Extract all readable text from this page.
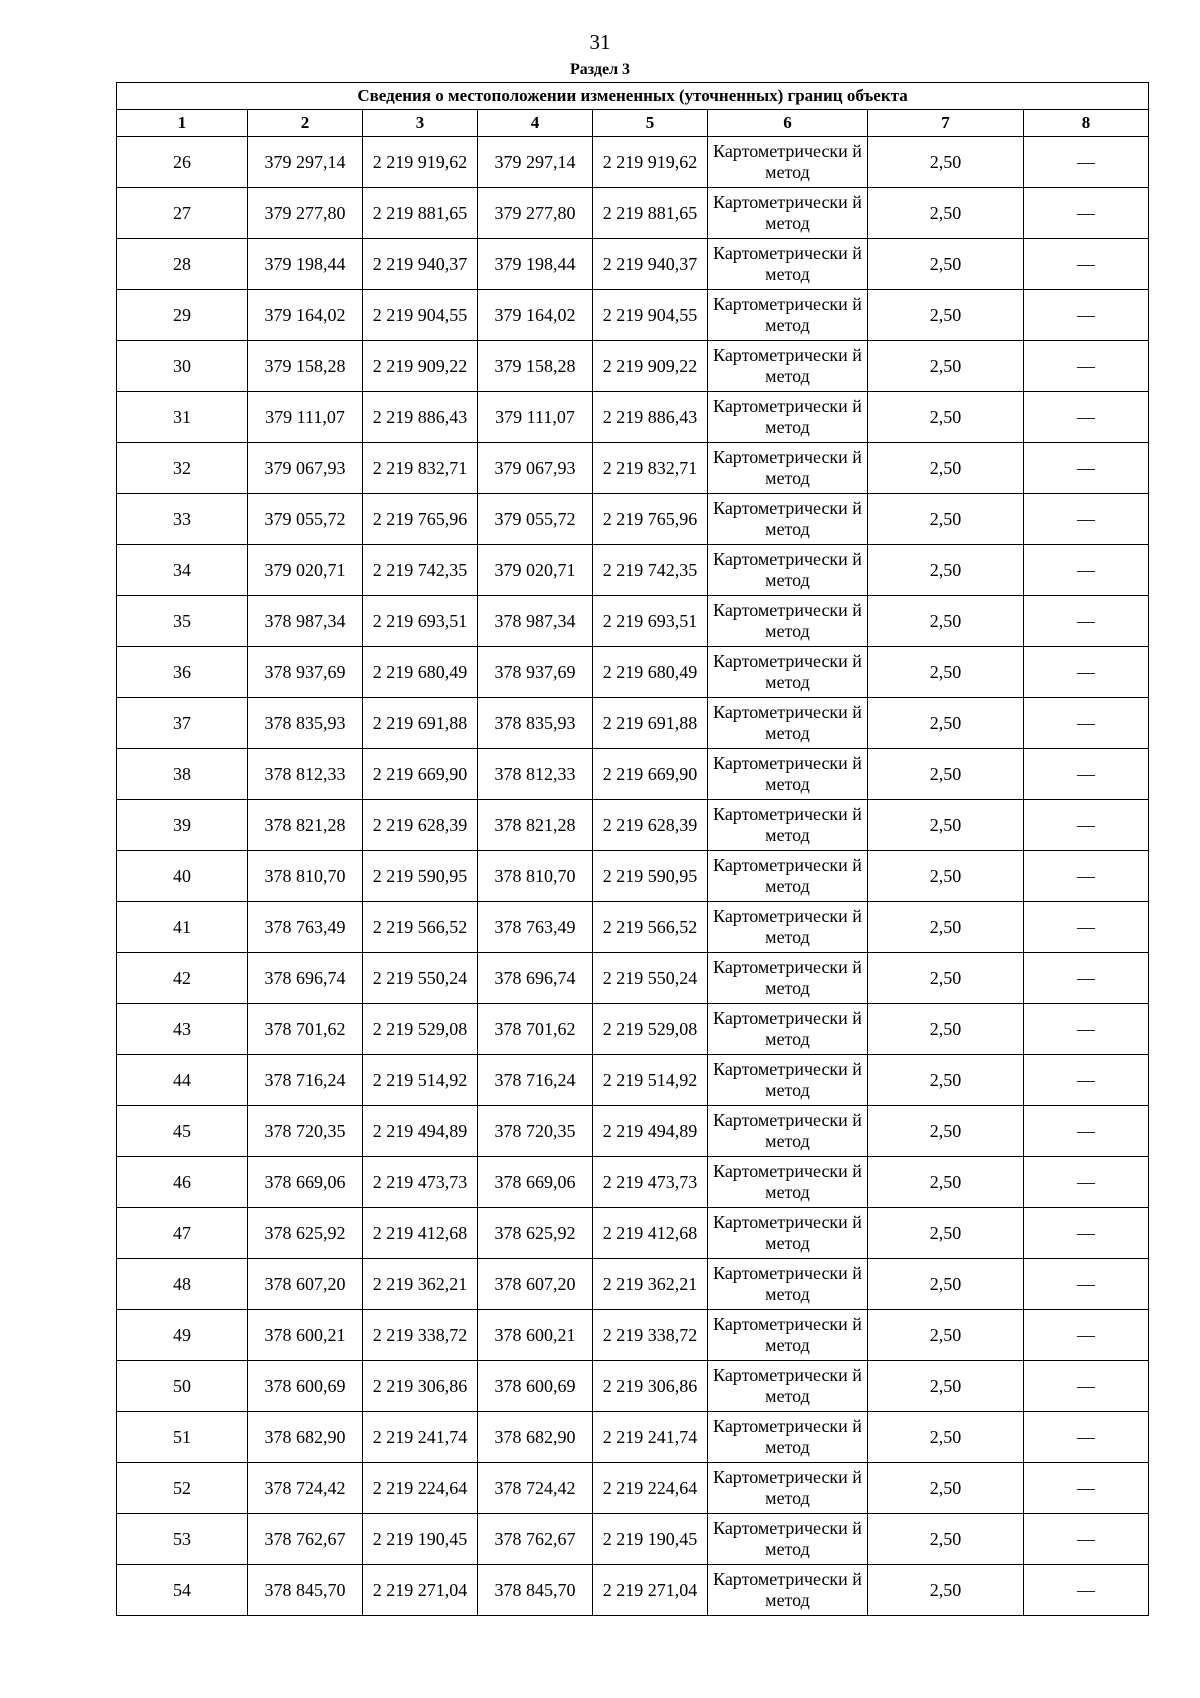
31
Раздел 3
Сведения о местоположении измененных (уточненных) границ объекта							
1	2	3	4	5	6	7	8
26	379 297,14	2 219 919,62	379 297,14	2 219 919,62	Картометрически й метод	2,50	—
27	379 277,80	2 219 881,65	379 277,80	2 219 881,65	Картометрически й метод	2,50	—
28	379 198,44	2 219 940,37	379 198,44	2 219 940,37	Картометрически й метод	2,50	—
29	379 164,02	2 219 904,55	379 164,02	2 219 904,55	Картометрически й метод	2,50	—
30	379 158,28	2 219 909,22	379 158,28	2 219 909,22	Картометрически й метод	2,50	—
31	379 111,07	2 219 886,43	379 111,07	2 219 886,43	Картометрически й метод	2,50	—
32	379 067,93	2 219 832,71	379 067,93	2 219 832,71	Картометрически й метод	2,50	—
33	379 055,72	2 219 765,96	379 055,72	2 219 765,96	Картометрически й метод	2,50	—
34	379 020,71	2 219 742,35	379 020,71	2 219 742,35	Картометрически й метод	2,50	—
35	378 987,34	2 219 693,51	378 987,34	2 219 693,51	Картометрически й метод	2,50	—
36	378 937,69	2 219 680,49	378 937,69	2 219 680,49	Картометрически й метод	2,50	—
37	378 835,93	2 219 691,88	378 835,93	2 219 691,88	Картометрически й метод	2,50	—
38	378 812,33	2 219 669,90	378 812,33	2 219 669,90	Картометрически й метод	2,50	—
39	378 821,28	2 219 628,39	378 821,28	2 219 628,39	Картометрически й метод	2,50	—
40	378 810,70	2 219 590,95	378 810,70	2 219 590,95	Картометрически й метод	2,50	—
41	378 763,49	2 219 566,52	378 763,49	2 219 566,52	Картометрически й метод	2,50	—
42	378 696,74	2 219 550,24	378 696,74	2 219 550,24	Картометрически й метод	2,50	—
43	378 701,62	2 219 529,08	378 701,62	2 219 529,08	Картометрически й метод	2,50	—
44	378 716,24	2 219 514,92	378 716,24	2 219 514,92	Картометрически й метод	2,50	—
45	378 720,35	2 219 494,89	378 720,35	2 219 494,89	Картометрически й метод	2,50	—
46	378 669,06	2 219 473,73	378 669,06	2 219 473,73	Картометрически й метод	2,50	—
47	378 625,92	2 219 412,68	378 625,92	2 219 412,68	Картометрически й метод	2,50	—
48	378 607,20	2 219 362,21	378 607,20	2 219 362,21	Картометрически й метод	2,50	—
49	378 600,21	2 219 338,72	378 600,21	2 219 338,72	Картометрически й метод	2,50	—
50	378 600,69	2 219 306,86	378 600,69	2 219 306,86	Картометрически й метод	2,50	—
51	378 682,90	2 219 241,74	378 682,90	2 219 241,74	Картометрически й метод	2,50	—
52	378 724,42	2 219 224,64	378 724,42	2 219 224,64	Картометрически й метод	2,50	—
53	378 762,67	2 219 190,45	378 762,67	2 219 190,45	Картометрически й метод	2,50	—
54	378 845,70	2 219 271,04	378 845,70	2 219 271,04	Картометрически й метод	2,50	—
